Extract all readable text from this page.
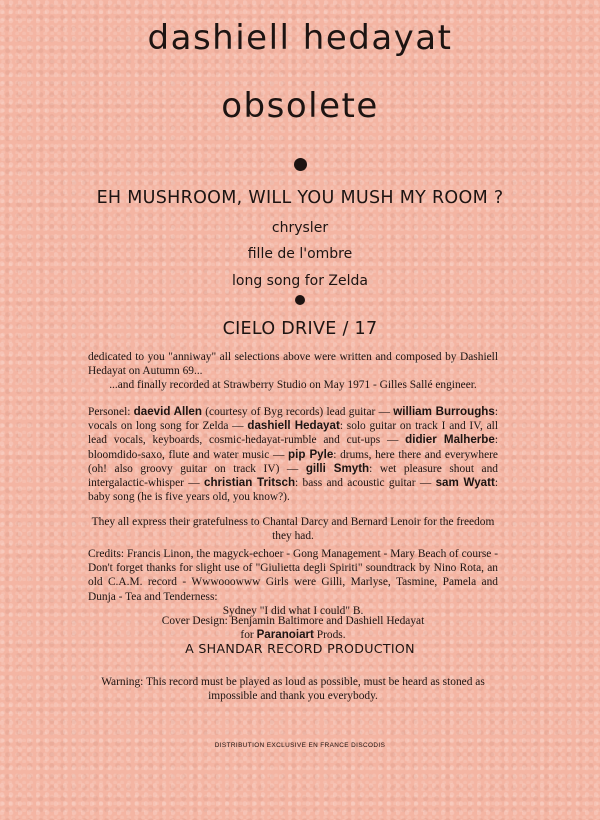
dashiell hedayat
obsolete
EH MUSHROOM, WILL YOU MUSH MY ROOM ?
chrysler
fille de l'ombre
long song for Zelda
CIELO DRIVE / 17
dedicated to you "anniway" all selections above were written and composed by Dashiell Hedayat on Autumn 69...
...and finally recorded at Strawberry Studio on May 1971 - Gilles Sallé engineer.
Personel: daevid Allen (courtesy of Byg records) lead guitar — william Burroughs: vocals on long song for Zelda — dashiell Hedayat: solo guitar on track I and IV, all lead vocals, keyboards, cosmic-hedayat-rumble and cut-ups — didier Malherbe: bloomdido-saxo, flute and water music — pip Pyle: drums, here there and everywhere (oh! also groovy guitar on track IV) — gilli Smyth: wet pleasure shout and intergalactic-whisper — christian Tritsch: bass and acoustic guitar — sam Wyatt: baby song (he is five years old, you know?).
They all express their gratefulness to Chantal Darcy and Bernard Lenoir for the freedom they had.
Credits: Francis Linon, the magyck-echoer - Gong Management - Mary Beach of course - Don't forget thanks for slight use of "Giulietta degli Spiriti" soundtrack by Nino Rota, an old C.A.M. record - Wwwooowww Girls were Gilli, Marlyse, Tasmine, Pamela and Dunja - Tea and Tenderness:
Sydney "I did what I could" B.
Cover Design: Benjamin Baltimore and Dashiell Hedayat
for Paranoiart Prods.
A SHANDAR RECORD PRODUCTION
Warning: This record must be played as loud as possible, must be heard as stoned as impossible and thank you everybody.
DISTRIBUTION EXCLUSIVE EN FRANCE DISCODIS
